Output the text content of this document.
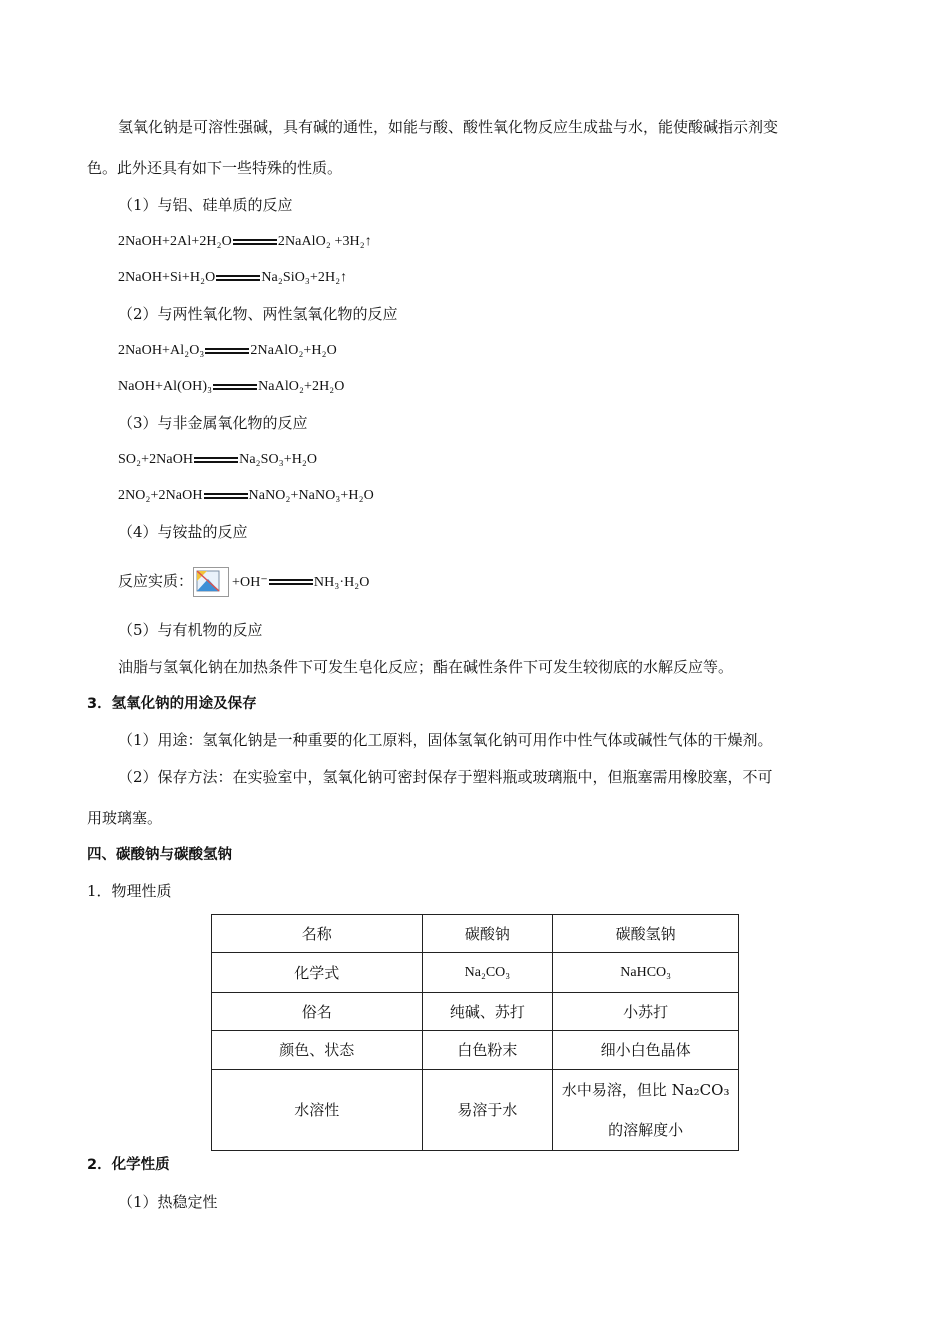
氢氧化钠是可溶性强碱，具有碱的通性，如能与酸、酸性氧化物反应生成盐与水，能使酸碱指示剂变
色。此外还具有如下一些特殊的性质。
（1）与铝、硅单质的反应
2NaOH+2Al+2H₂O	2NaAlO₂ +3H₂↑
2NaOH+Si+H₂O	Na₂SiO₃+2H₂↑
（2）与两性氧化物、两性氢氧化物的反应
2NaOH+Al₂O₃	2NaAlO₂+H₂O
NaOH+Al(OH)₃	NaAlO₂+2H₂O
（3）与非金属氧化物的反应
SO₂+2NaOH	Na₂SO₃+H₂O
2NO₂+2NaOH	NaNO₂+NaNO₃+H₂O
（4）与铵盐的反应
反应实质：	+OH⁻	NH₃·H₂O
（5）与有机物的反应
油脂与氢氧化钠在加热条件下可发生皂化反应；酯在碱性条件下可发生较彻底的水解反应等。
3．氢氧化钠的用途及保存
（1）用途：氢氧化钠是一种重要的化工原料，固体氢氧化钠可用作中性气体或碱性气体的干燥剂。
（2）保存方法：在实验室中，氢氧化钠可密封保存于塑料瓶或玻璃瓶中，但瓶塞需用橡胶塞，不可
用玻璃塞。
四、碳酸钠与碳酸氢钠
1．物理性质
名称	碳酸钠	碳酸氢钠
化学式	Na₂CO₃	NaHCO₃
俗名	纯碱、苏打	小苏打
颜色、状态	白色粉末	细小白色晶体
水溶性	易溶于水	水中易溶，但比 Na₂CO₃
的溶解度小
2．化学性质
（1）热稳定性
